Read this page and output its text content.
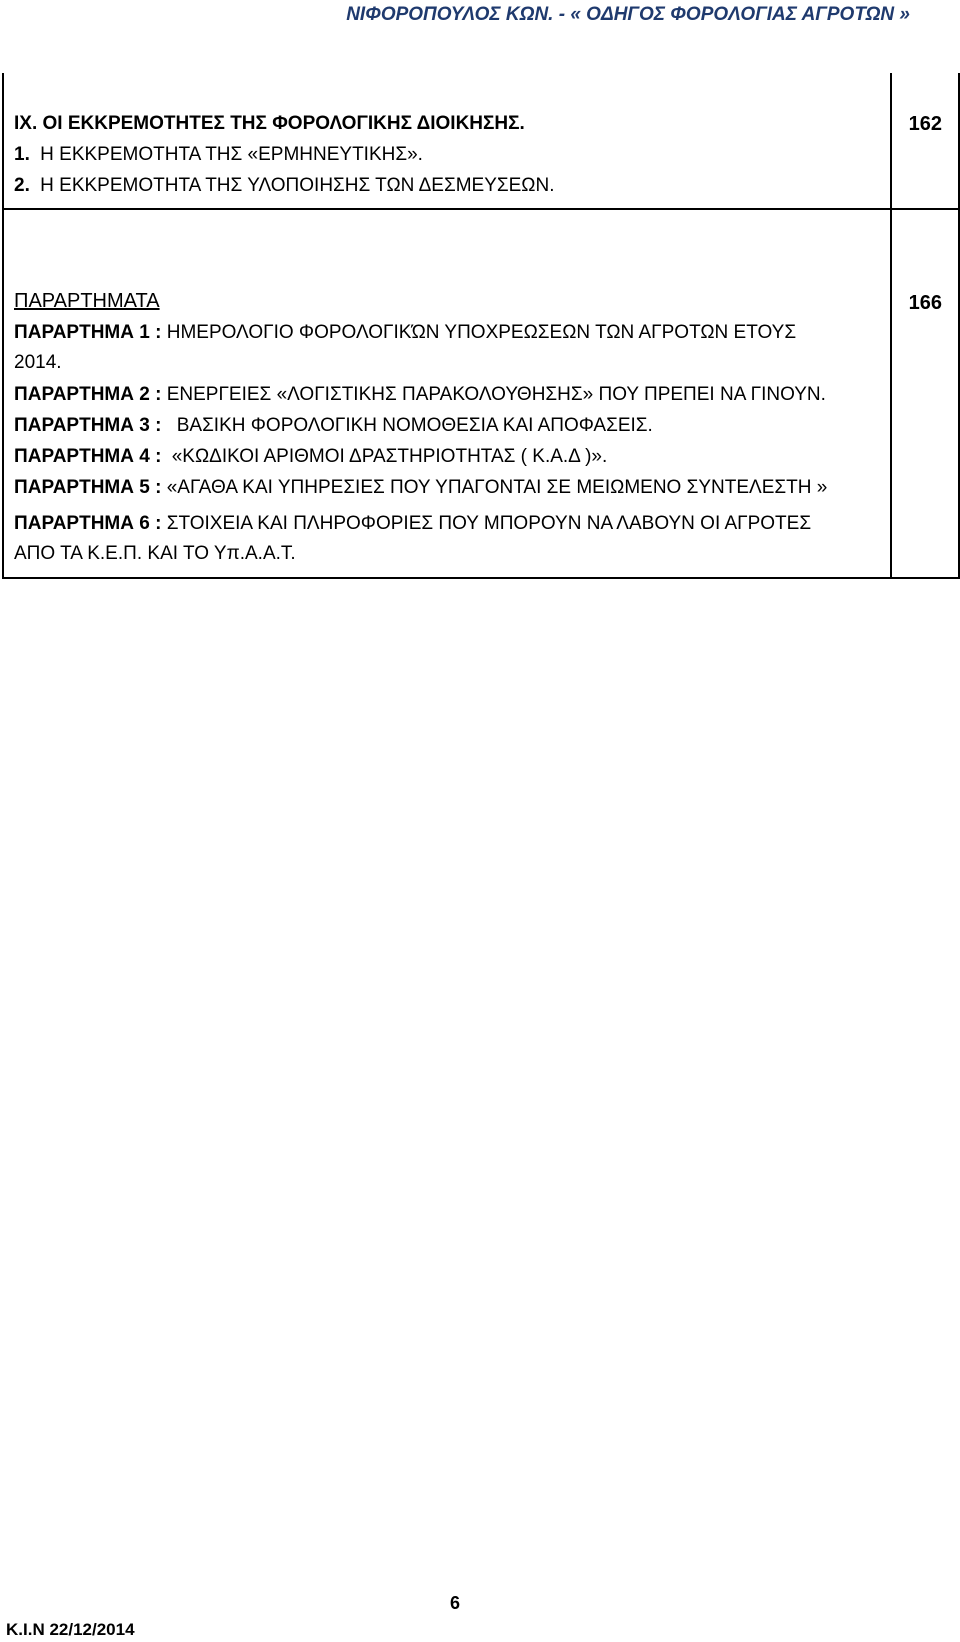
ΝΙΦΟΡΟΠΟΥΛΟΣ ΚΩΝ. - « ΟΔΗΓΟΣ ΦΟΡΟΛΟΓΙΑΣ ΑΓΡΟΤΩΝ »
ΙΧ. ΟΙ ΕΚΚΡΕΜΟΤΗΤΕΣ ΤΗΣ ΦΟΡΟΛΟΓΙΚΗΣ ΔΙΟΙΚΗΣΗΣ.	162
1. Η ΕΚΚΡΕΜΟΤΗΤΑ ΤΗΣ «ΕΡΜΗΝΕΥΤΙΚΗΣ».
2. Η ΕΚΚΡΕΜΟΤΗΤΑ ΤΗΣ ΥΛΟΠΟΙΗΣΗΣ ΤΩΝ ΔΕΣΜΕΥΣΕΩΝ.
ΠΑΡΑΡΤΗΜΑΤΑ	166
ΠΑΡΑΡΤΗΜΑ 1 : ΗΜΕΡΟΛΟΓΙΟ ΦΟΡΟΛΟΓΙΚΏΝ ΥΠΟΧΡΕΩΣΕΩΝ ΤΩΝ ΑΓΡΟΤΩΝ ΕΤΟΥΣ
2014.
ΠΑΡΑΡΤΗΜΑ 2 : ΕΝΕΡΓΕΙΕΣ «ΛΟΓΙΣΤΙΚΗΣ ΠΑΡΑΚΟΛΟΥΘΗΣΗΣ» ΠΟΥ ΠΡΕΠΕΙ ΝΑ ΓΙΝΟΥΝ.
ΠΑΡΑΡΤΗΜΑ 3 : ΒΑΣΙΚΗ ΦΟΡΟΛΟΓΙΚΗ ΝΟΜΟΘΕΣΙΑ ΚΑΙ ΑΠΟΦΑΣΕΙΣ.
ΠΑΡΑΡΤΗΜΑ 4 : «ΚΩΔΙΚΟΙ ΑΡΙΘΜΟΙ ΔΡΑΣΤΗΡΙΟΤΗΤΑΣ ( Κ.Α.Δ )».
ΠΑΡΑΡΤΗΜΑ 5 : «ΑΓΑΘΑ ΚΑΙ ΥΠΗΡΕΣΙΕΣ ΠΟΥ ΥΠΑΓΟΝΤΑΙ ΣΕ ΜΕΙΩΜΕΝΟ ΣΥΝΤΕΛΕΣΤΗ »
ΠΑΡΑΡΤΗΜΑ 6 : ΣΤΟΙΧΕΙΑ ΚΑΙ ΠΛΗΡΟΦΟΡΙΕΣ ΠΟΥ ΜΠΟΡΟΥΝ ΝΑ ΛΑΒΟΥΝ ΟΙ ΑΓΡΟΤΕΣ
ΑΠΟ ΤΑ Κ.Ε.Π. ΚΑΙ ΤΟ Υπ.Α.Α.Τ.
6
K.I.N 22/12/2014
